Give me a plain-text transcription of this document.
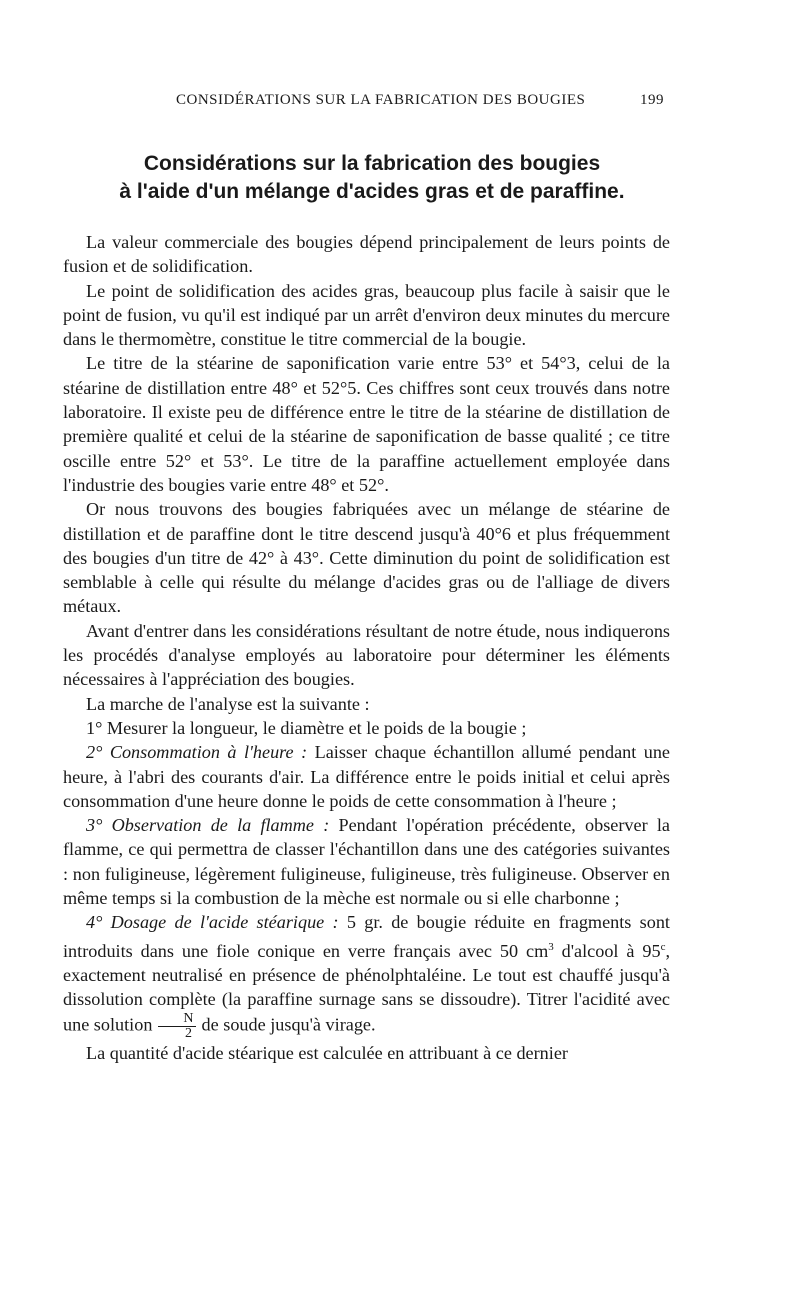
CONSIDÉRATIONS SUR LA FABRICATION DES BOUGIES	199
Considérations sur la fabrication des bougies
à l'aide d'un mélange d'acides gras et de paraffine.

La valeur commerciale des bougies dépend principalement de leurs points de fusion et de solidification.

Le point de solidification des acides gras, beaucoup plus facile à saisir que le point de fusion, vu qu'il est indiqué par un arrêt d'environ deux minutes du mercure dans le thermomètre, constitue le titre commercial de la bougie.

Le titre de la stéarine de saponification varie entre 53° et 54°3, celui de la stéarine de distillation entre 48° et 52°5. Ces chiffres sont ceux trouvés dans notre laboratoire. Il existe peu de différence entre le titre de la stéarine de distillation de première qualité et celui de la stéarine de saponification de basse qualité ; ce titre oscille entre 52° et 53°. Le titre de la paraffine actuellement employée dans l'industrie des bougies varie entre 48° et 52°.

Or nous trouvons des bougies fabriquées avec un mélange de stéarine de distillation et de paraffine dont le titre descend jusqu'à 40°6 et plus fréquemment des bougies d'un titre de 42° à 43°. Cette diminution du point de solidification est semblable à celle qui résulte du mélange d'acides gras ou de l'alliage de divers métaux.

Avant d'entrer dans les considérations résultant de notre étude, nous indiquerons les procédés d'analyse employés au laboratoire pour déterminer les éléments nécessaires à l'appréciation des bougies.

La marche de l'analyse est la suivante :

1° Mesurer la longueur, le diamètre et le poids de la bougie ;

2° Consommation à l'heure : Laisser chaque échantillon allumé pendant une heure, à l'abri des courants d'air. La différence entre le poids initial et celui après consommation d'une heure donne le poids de cette consommation à l'heure ;

3° Observation de la flamme : Pendant l'opération précédente, observer la flamme, ce qui permettra de classer l'échantillon dans une des catégories suivantes : non fuligineuse, légèrement fuligineuse, fuligineuse, très fuligineuse. Observer en même temps si la combustion de la mèche est normale ou si elle charbonne ;

4° Dosage de l'acide stéarique : 5 gr. de bougie réduite en fragments sont introduits dans une fiole conique en verre français avec 50 $cm^3$ d'alcool à 95$^c$, exactement neutralisé en présence de phénolphtaléine. Le tout est chauffé jusqu'à dissolution complète (la paraffine surnage sans se dissoudre). Titrer l'acidité avec une solution $\frac{N}{2}$ de soude jusqu'à virage.

La quantité d'acide stéarique est calculée en attribuant à ce dernier
